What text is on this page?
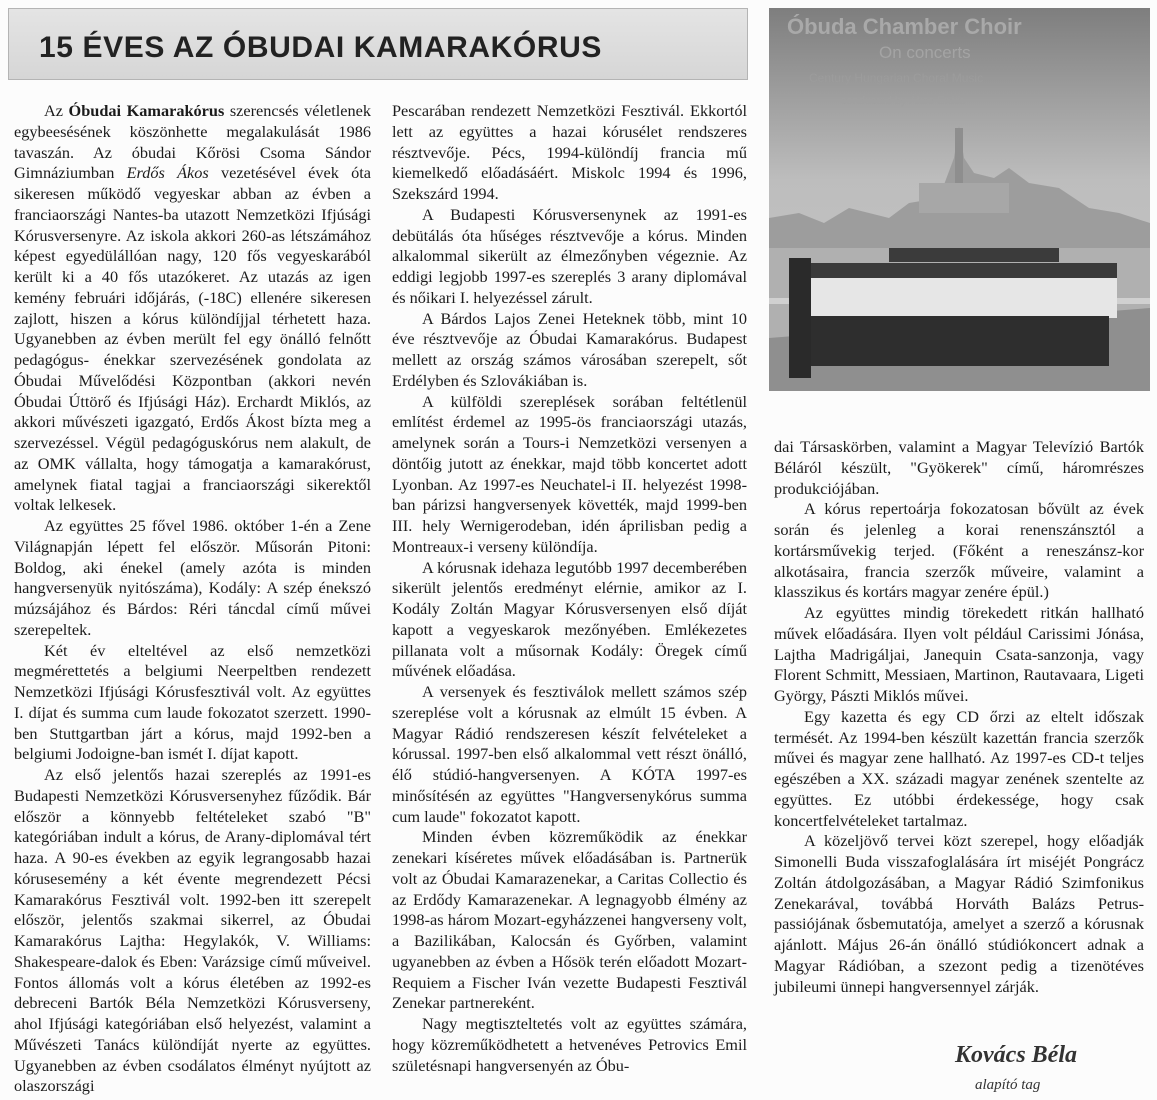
15 ÉVES AZ ÓBUDAI KAMARAKÓRUS

Az Óbudai Kamarakórus szerencsés véletlenek egybeesésének köszönhette megalakulását 1986 tavaszán. Az óbudai Kőrösi Csoma Sándor Gimnáziumban Erdős Ákos vezetésével évek óta sikeresen működő vegyeskar abban az évben a franciaországi Nantes-ba utazott Nemzetközi Ifjúsági Kórusversenyre. Az iskola akkori 260-as létszámához képest egyedülállóan nagy, 120 fős vegyeskarából került ki a 40 fős utazókeret. Az utazás az igen kemény februári időjárás, (-18C) ellenére sikeresen zajlott, hiszen a kórus különdíjjal térhetett haza. Ugyanebben az évben merült fel egy önálló felnőtt pedagógus- énekkar szervezésének gondolata az Óbudai Művelődési Központban (akkori nevén Óbudai Úttörő és Ifjúsági Ház). Erchardt Miklós, az akkori művészeti igazgató, Erdős Ákost bízta meg a szervezéssel. Végül pedagóguskórus nem alakult, de az OMK vállalta, hogy támogatja a kamarakórust, amelynek fiatal tagjai a franciaországi sikerektől voltak lelkesek.

Az együttes 25 fővel 1986. október 1-én a Zene Világnapján lépett fel először. Műsorán Pitoni: Boldog, aki énekel (amely azóta is minden hangversenyük nyitószáma), Kodály: A szép énekszó múzsájához és Bárdos: Réri táncdal című művei szerepeltek.

Két év elteltével az első nemzetközi megmérettetés a belgiumi Neerpeltben rendezett Nemzetközi Ifjúsági Kórusfesztivál volt. Az együttes I. díjat és summa cum laude fokozatot szerzett. 1990-ben Stuttgartban járt a kórus, majd 1992-ben a belgiumi Jodoigne-ban ismét I. díjat kapott.

Az első jelentős hazai szereplés az 1991-es Budapesti Nemzetközi Kórusversenyhez fűződik. Bár először a könnyebb feltételeket szabó "B" kategóriában indult a kórus, de Arany-diplomával tért haza. A 90-es években az egyik legrangosabb hazai kórusesemény a két évente megrendezett Pécsi Kamarakórus Fesztivál volt. 1992-ben itt szerepelt először, jelentős szakmai sikerrel, az Óbudai Kamarakórus Lajtha: Hegylakók, V. Williams: Shakespeare-dalok és Eben: Varázsige című műveivel. Fontos állomás volt a kórus életében az 1992-es debreceni Bartók Béla Nemzetközi Kórusverseny, ahol Ifjúsági kategóriában első helyezést, valamint a Művészeti Tanács különdíját nyerte az együttes. Ugyanebben az évben csodálatos élményt nyújtott az olaszországi

Pescarában rendezett Nemzetközi Fesztivál. Ekkortól lett az együttes a hazai kórusélet rendszeres résztvevője. Pécs, 1994-különdíj francia mű kiemelkedő előadásáért. Miskolc 1994 és 1996, Szekszárd 1994.

A Budapesti Kórusversenynek az 1991-es debütálás óta hűséges résztvevője a kórus. Minden alkalommal sikerült az élmezőnyben végeznie. Az eddigi legjobb 1997-es szereplés 3 arany diplomával és nőikari I. helyezéssel zárult.

A Bárdos Lajos Zenei Heteknek több, mint 10 éve résztvevője az Óbudai Kamarakórus. Budapest mellett az ország számos városában szerepelt, sőt Erdélyben és Szlovákiában is.

A külföldi szereplések sorában feltétlenül említést érdemel az 1995-ös franciaországi utazás, amelynek során a Tours-i Nemzetközi versenyen a döntőig jutott az énekkar, majd több koncertet adott Lyonban. Az 1997-es Neuchatel-i II. helyezést 1998-ban párizsi hangversenyek követték, majd 1999-ben III. hely Wernigerodeban, idén áprilisban pedig a Montreaux-i verseny különdíja.

A kórusnak idehaza legutóbb 1997 decemberében sikerült jelentős eredményt elérnie, amikor az I. Kodály Zoltán Magyar Kórusversenyen első díját kapott a vegyeskarok mezőnyében. Emlékezetes pillanata volt a műsornak Kodály: Öregek című művének előadása.

A versenyek és fesztiválok mellett számos szép szereplése volt a kórusnak az elmúlt 15 évben. A Magyar Rádió rendszeresen készít felvételeket a kórussal. 1997-ben első alkalommal vett részt önálló, élő stúdió-hangversenyen. A KÓTA 1997-es minősítésén az együttes "Hangversenykórus summa cum laude" fokozatot kapott.

Minden évben közreműködik az énekkar zenekari kíséretes művek előadásában is. Partnerük volt az Óbudai Kamarazenekar, a Caritas Collectio és az Erdődy Kamarazenekar. A legnagyobb élmény az 1998-as három Mozart-egyházzenei hangverseny volt, a Bazilikában, Kalocsán és Győrben, valamint ugyanebben az évben a Hősök terén előadott Mozart-Requiem a Fischer Iván vezette Budapesti Fesztivál Zenekar partnereként.

Nagy megtiszteltetés volt az együttes számára, hogy közreműködhetett a hetvenéves Petrovics Emil születésnapi hangversenyén az Óbu-

Óbuda Chamber Choir
On concerts
Century Hungarian Choral Music
conducted by Ákos Erdős

dai Társaskörben, valamint a Magyar Televízió Bartók Béláról készült, "Gyökerek" című, háromrészes produkciójában.

A kórus repertoárja fokozatosan bővült az évek során és jelenleg a korai renenszánsztól a kortársművekig terjed. (Főként a reneszánsz-kor alkotásaira, francia szerzők műveire, valamint a klasszikus és kortárs magyar zenére épül.)

Az együttes mindig törekedett ritkán hallható művek előadására. Ilyen volt például Carissimi Jónása, Lajtha Madrigáljai, Janequin Csata-sanzonja, vagy Florent Schmitt, Messiaen, Martinon, Rautavaara, Ligeti György, Pászti Miklós művei.

Egy kazetta és egy CD őrzi az eltelt időszak termését. Az 1994-ben készült kazettán francia szerzők művei és magyar zene hallható. Az 1997-es CD-t teljes egészében a XX. századi magyar zenének szentelte az együttes. Ez utóbbi érdekessége, hogy csak koncertfelvételeket tartalmaz.

A közeljövő tervei közt szerepel, hogy előadják Simonelli Buda visszafoglalására írt miséjét Pongrácz Zoltán átdolgozásában, a Magyar Rádió Szimfonikus Zenekarával, továbbá Horváth Balázs Petrus-passiójának ősbemutatója, amelyet a szerző a kórusnak ajánlott. Május 26-án önálló stúdiókoncert adnak a Magyar Rádióban, a szezont pedig a tizenötéves jubileumi ünnepi hangversennyel zárják.

Kovács Béla
alapító tag
